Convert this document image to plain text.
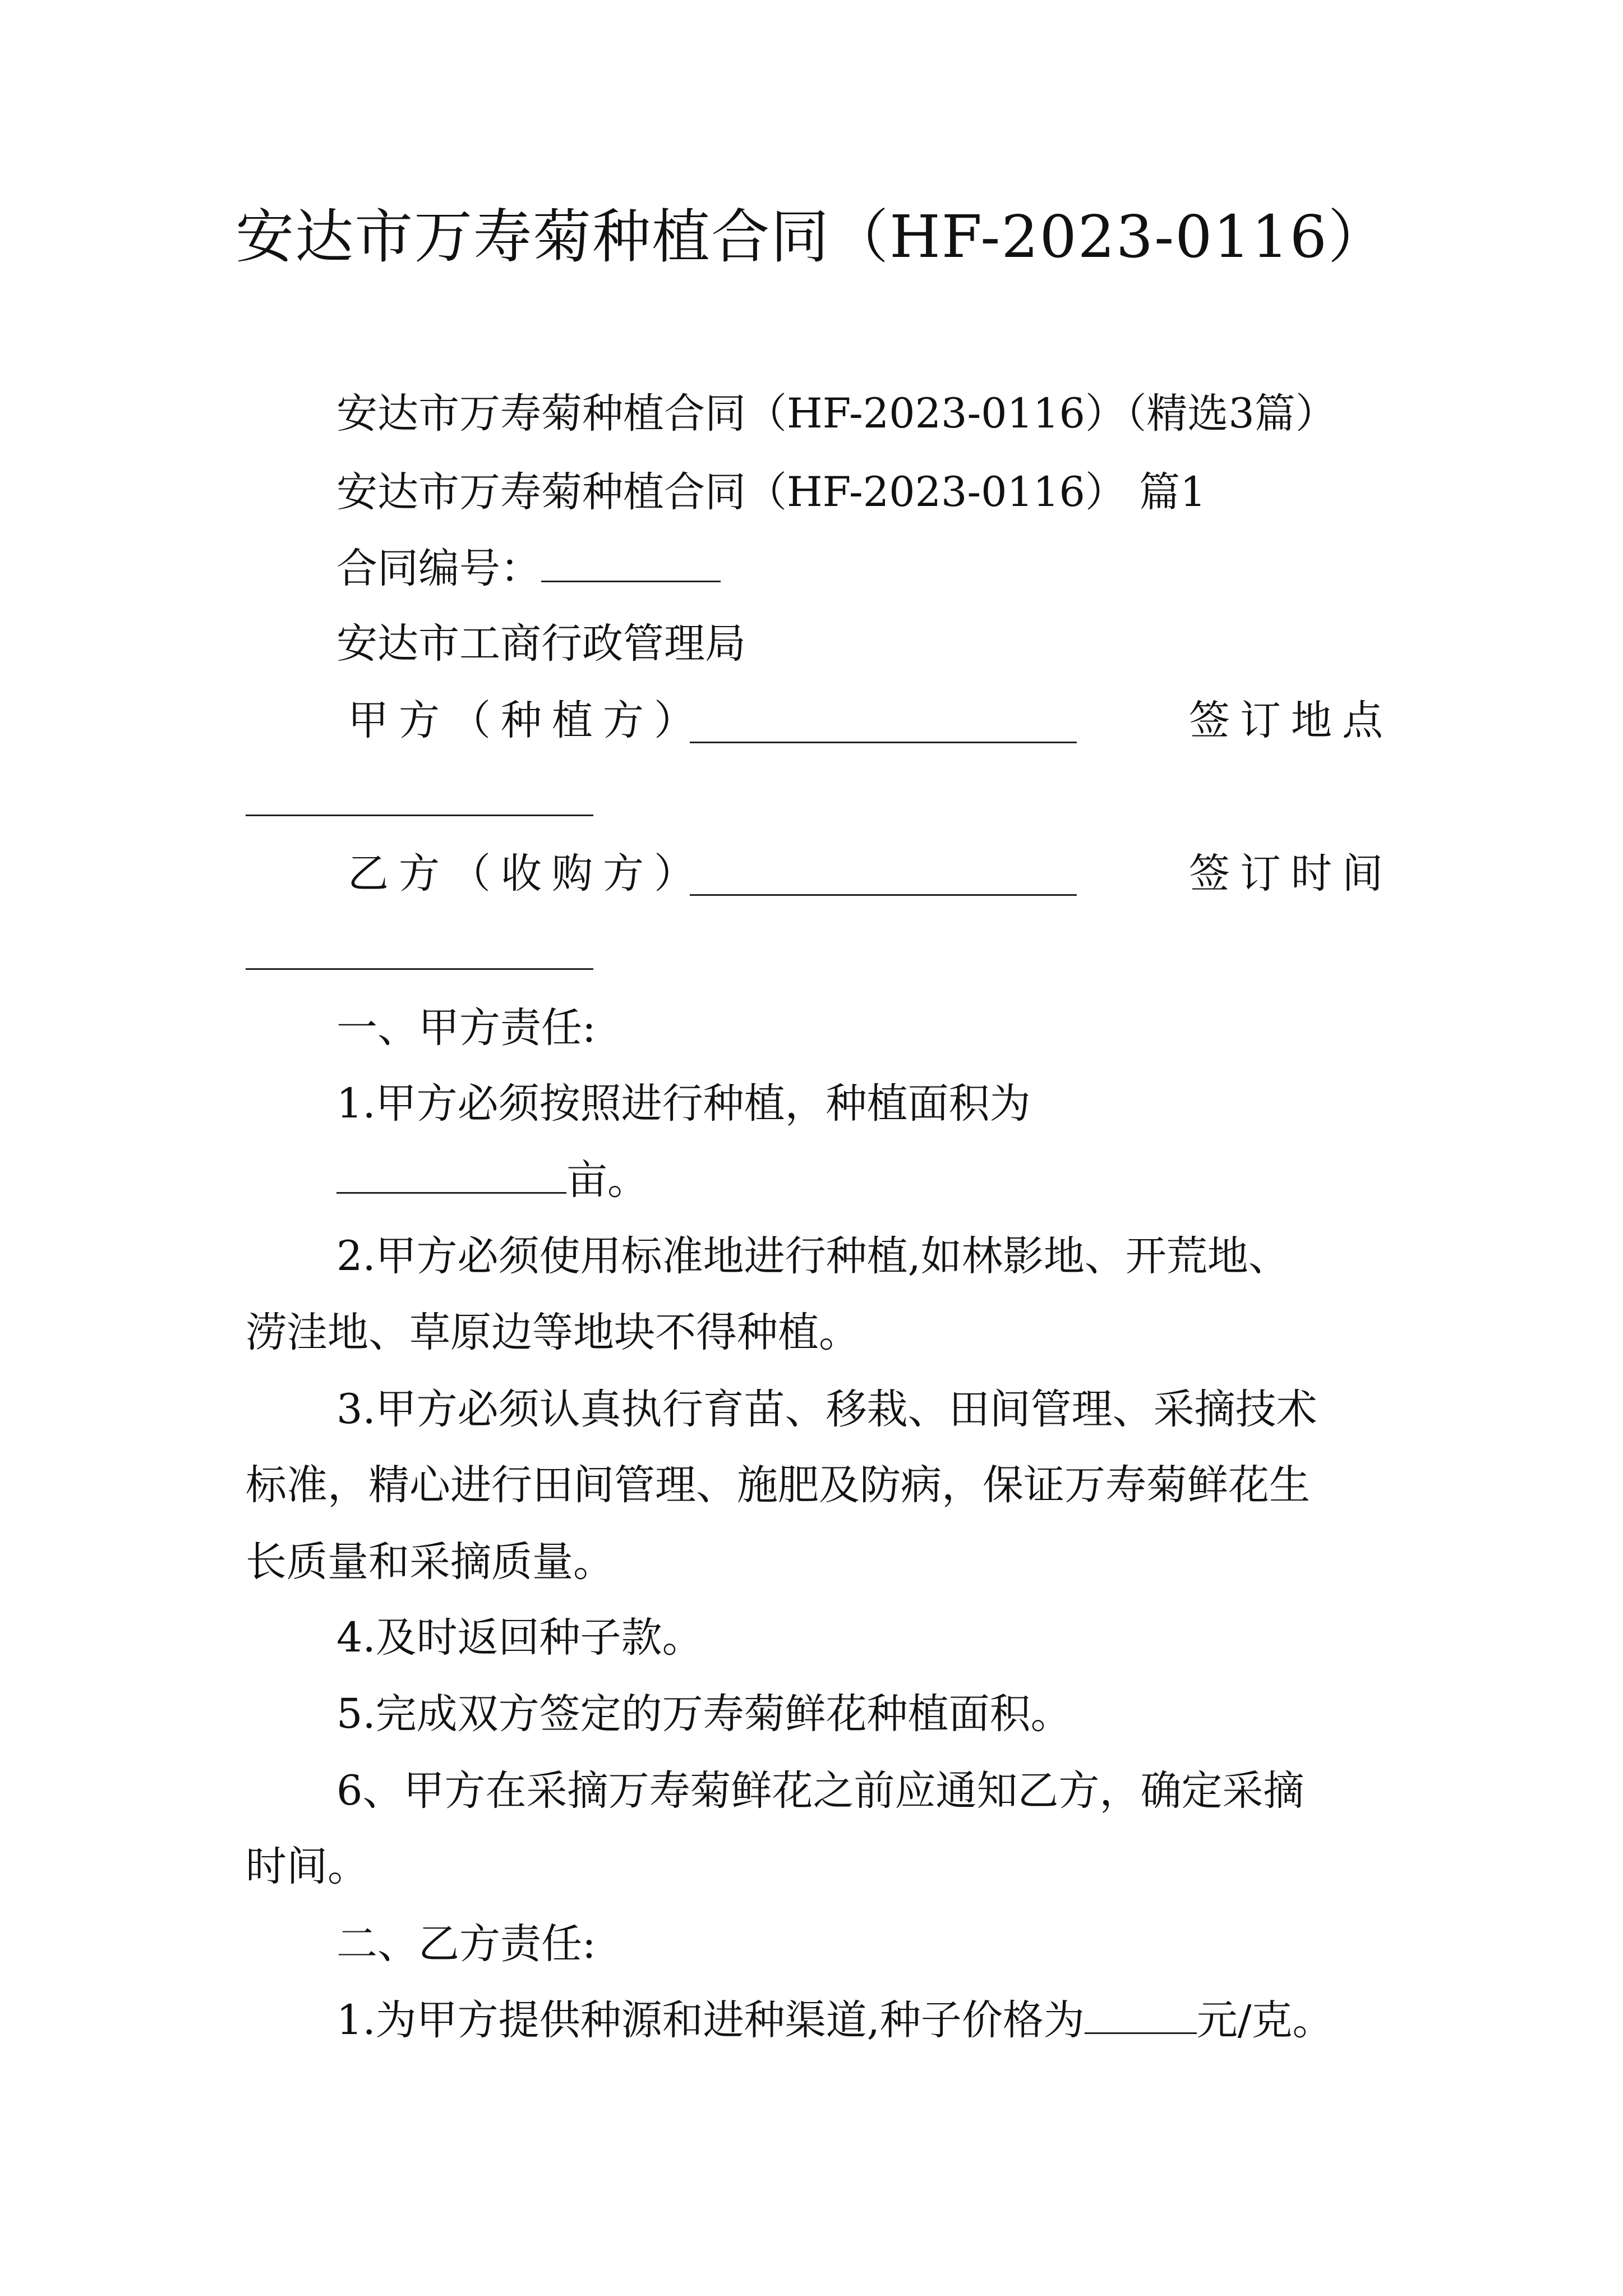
安达市万寿菊种植合同（HF-2023-0116）
安达市万寿菊种植合同（HF-2023-0116）（精选3篇）
安达市万寿菊种植合同（HF-2023-0116） 篇1
合同编号：
安达市工商行政管理局
甲方（种植方）	签订地点
乙方（收购方）	签订时间
一、甲方责任:
1.甲方必须按照进行种植，种植面积为
亩。
2.甲方必须使用标准地进行种植,如林影地、开荒地、
涝洼地、草原边等地块不得种植。
3.甲方必须认真执行育苗、移栽、田间管理、采摘技术
标准，精心进行田间管理、施肥及防病，保证万寿菊鲜花生
长质量和采摘质量。
4.及时返回种子款。
5.完成双方签定的万寿菊鲜花种植面积。
6、甲方在采摘万寿菊鲜花之前应通知乙方，确定采摘
时间。
二、乙方责任:
1.为甲方提供种源和进种渠道,种子价格为	元/克。
